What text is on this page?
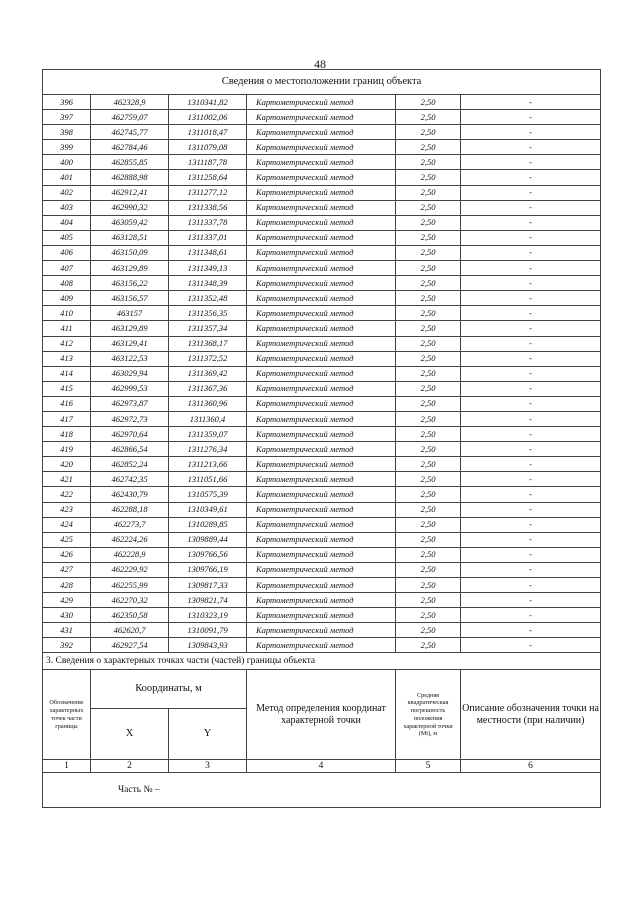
48
Сведения о местоположении границ объекта					
396	462328,9	1310341,82	Картометрический метод	2,50	-
397	462759,07	1311002,06	Картометрический метод	2,50	-
398	462745,77	1311018,47	Картометрический метод	2,50	-
399	462784,46	1311079,08	Картометрический метод	2,50	-
400	462855,85	1311187,78	Картометрический метод	2,50	-
401	462888,98	1311258,64	Картометрический метод	2,50	-
402	462912,41	1311277,12	Картометрический метод	2,50	-
403	462990,32	1311338,56	Картометрический метод	2,50	-
404	463059,42	1311337,78	Картометрический метод	2,50	-
405	463128,51	1311337,01	Картометрический метод	2,50	-
406	463150,09	1311348,61	Картометрический метод	2,50	-
407	463129,89	1311349,13	Картометрический метод	2,50	-
408	463156,22	1311348,39	Картометрический метод	2,50	-
409	463156,57	1311352,48	Картометрический метод	2,50	-
410	463157	1311356,35	Картометрический метод	2,50	-
411	463129,89	1311357,34	Картометрический метод	2,50	-
412	463129,41	1311368,17	Картометрический метод	2,50	-
413	463122,53	1311372,52	Картометрический метод	2,50	-
414	463029,94	1311369,42	Картометрический метод	2,50	-
415	462999,53	1311367,36	Картометрический метод	2,50	-
416	462973,87	1311360,96	Картометрический метод	2,50	-
417	462972,73	1311360,4	Картометрический метод	2,50	-
418	462970,64	1311359,07	Картометрический метод	2,50	-
419	462866,54	1311276,34	Картометрический метод	2,50	-
420	462852,24	1311213,66	Картометрический метод	2,50	-
421	462742,35	1311051,66	Картометрический метод	2,50	-
422	462430,79	1310575,39	Картометрический метод	2,50	-
423	462288,18	1310349,61	Картометрический метод	2,50	-
424	462273,7	1310289,85	Картометрический метод	2,50	-
425	462224,26	1309889,44	Картометрический метод	2,50	-
426	462228,9	1309766,56	Картометрический метод	2,50	-
427	462229,92	1309766,19	Картометрический метод	2,50	-
428	462255,99	1309817,33	Картометрический метод	2,50	-
429	462270,32	1309821,74	Картометрический метод	2,50	-
430	462350,58	1310323,19	Картометрический метод	2,50	-
431	462620,7	1310091,79	Картометрический метод	2,50	-
392	462927,54	1309843,93	Картометрический метод	2,50	-
3. Сведения о характерных точках части (частей) границы объекта					
Обозначение характерных точек части границы	Координаты, м		Метод определения координат характерной точки	Средняя квадратическая погрешность положения характерной точки (Mt), м	Описание обозначения точки на местности (при наличии)
	X	Y			
1	2	3	4	5	6
Часть № –					
